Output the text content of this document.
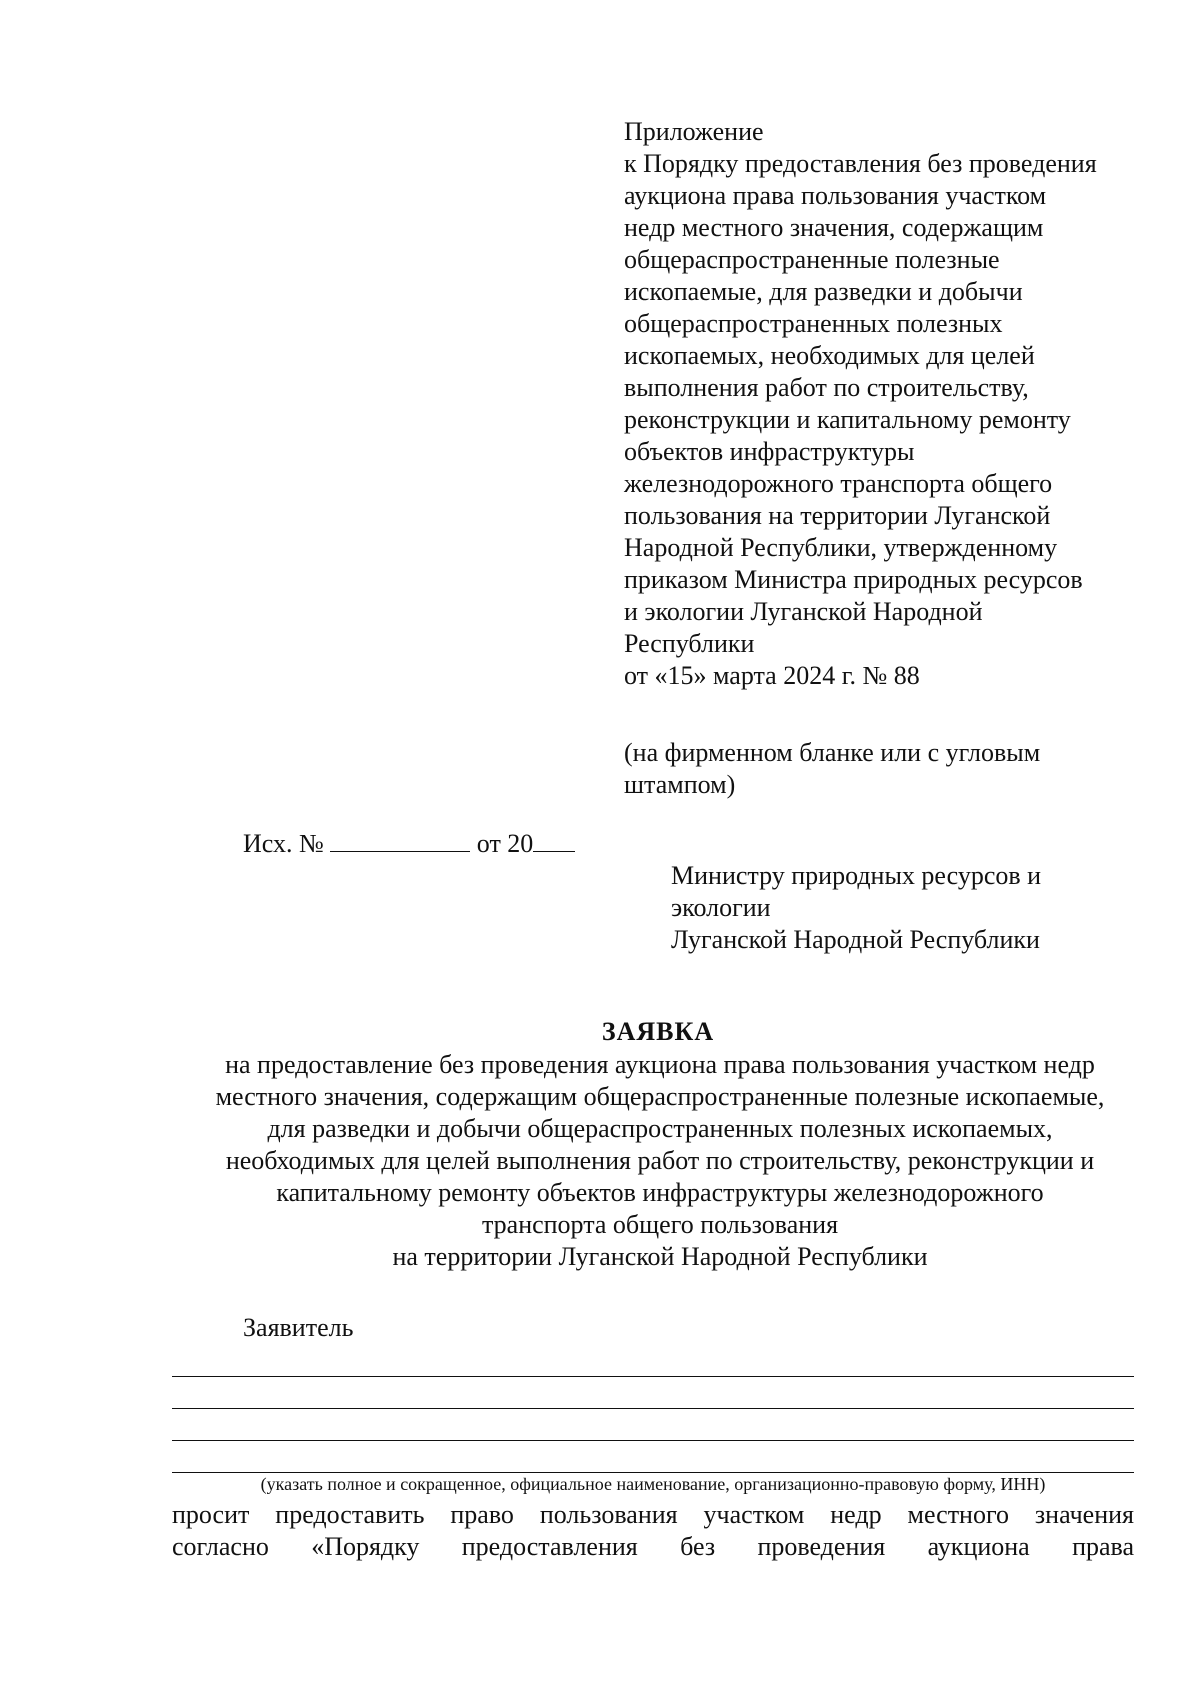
Приложение
к Порядку предоставления без проведения
аукциона права пользования участком
недр местного значения, содержащим
общераспространенные полезные
ископаемые, для разведки и добычи
общераспространенных полезных
ископаемых, необходимых для целей
выполнения работ по строительству,
реконструкции и капитальному ремонту
объектов инфраструктуры
железнодорожного транспорта общего
пользования на территории Луганской
Народной Республики, утвержденному
приказом Министра природных ресурсов
и экологии Луганской Народной
Республики
от «15» марта 2024 г. № 88
(на фирменном бланке или с угловым
штампом)
Исх. №	от 20
Министру природных ресурсов и
экологии
Луганской Народной Республики
ЗАЯВКА
на предоставление без проведения аукциона права пользования участком недр
местного значения, содержащим общераспространенные полезные ископаемые,
для разведки и добычи общераспространенных полезных ископаемых,
необходимых для целей выполнения работ по строительству, реконструкции и
капитальному ремонту объектов инфраструктуры железнодорожного
транспорта общего пользования
на территории Луганской Народной Республики
Заявитель
(указать полное и сокращенное, официальное наименование, организационно-правовую форму, ИНН)
просит предоставить право пользования участком недр местного значения
согласно «Порядку предоставления без проведения аукциона права
